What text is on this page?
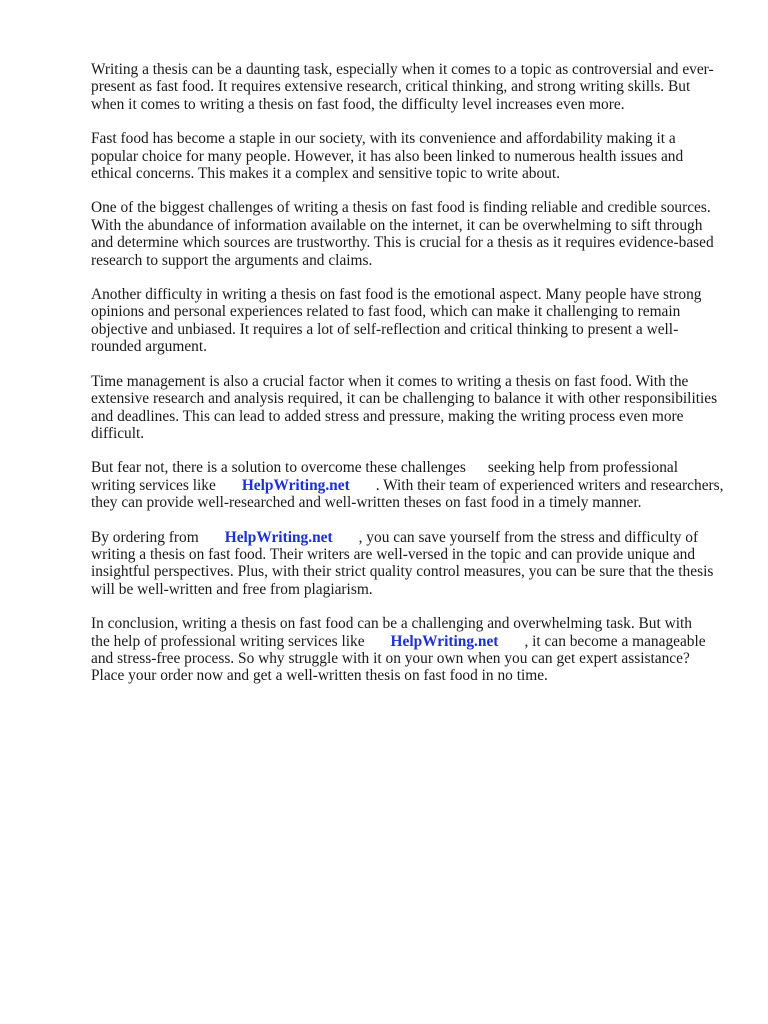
Writing a thesis can be a daunting task, especially when it comes to a topic as controversial and ever-
present as fast food. It requires extensive research, critical thinking, and strong writing skills. But
when it comes to writing a thesis on fast food, the difficulty level increases even more.

Fast food has become a staple in our society, with its convenience and affordability making it a
popular choice for many people. However, it has also been linked to numerous health issues and
ethical concerns. This makes it a complex and sensitive topic to write about.

One of the biggest challenges of writing a thesis on fast food is finding reliable and credible sources.
With the abundance of information available on the internet, it can be overwhelming to sift through
and determine which sources are trustworthy. This is crucial for a thesis as it requires evidence-based
research to support the arguments and claims.

Another difficulty in writing a thesis on fast food is the emotional aspect. Many people have strong
opinions and personal experiences related to fast food, which can make it challenging to remain
objective and unbiased. It requires a lot of self-reflection and critical thinking to present a well-
rounded argument.

Time management is also a crucial factor when it comes to writing a thesis on fast food. With the
extensive research and analysis required, it can be challenging to balance it with other responsibilities
and deadlines. This can lead to added stress and pressure, making the writing process even more
difficult.

But fear not, there is a solution to overcome these challenges seeking help from professional
writing services like HelpWriting.net . With their team of experienced writers and researchers,
they can provide well-researched and well-written theses on fast food in a timely manner.

By ordering from HelpWriting.net , you can save yourself from the stress and difficulty of
writing a thesis on fast food. Their writers are well-versed in the topic and can provide unique and
insightful perspectives. Plus, with their strict quality control measures, you can be sure that the thesis
will be well-written and free from plagiarism.

In conclusion, writing a thesis on fast food can be a challenging and overwhelming task. But with
the help of professional writing services like HelpWriting.net , it can become a manageable
and stress-free process. So why struggle with it on your own when you can get expert assistance?
Place your order now and get a well-written thesis on fast food in no time.
